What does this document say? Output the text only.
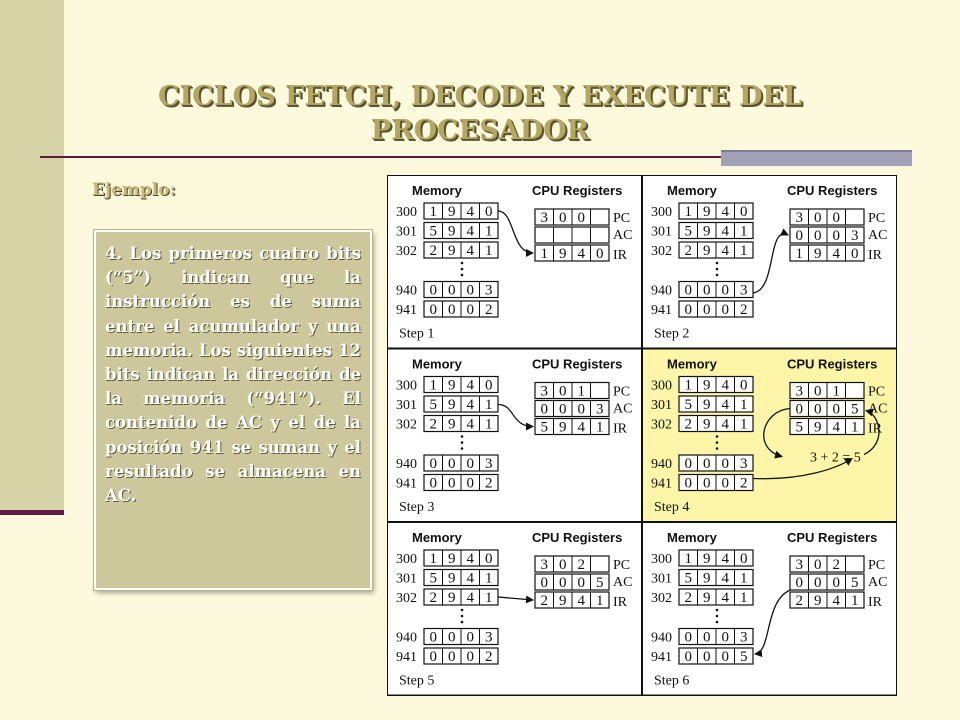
CICLOS FETCH, DECODE Y EXECUTE DEL PROCESADOR
Ejemplo:

4. Los primeros cuatro bits (“5”) indican que la instrucción es de suma entre el acumulador y una memoria. Los siguientes 12 bits indican la dirección de la memoria (“941”). El contenido de AC y el de la posición 941 se suman y el resultado se almacena en AC.

Memory	CPU Registers
300 1 9 4 0
301 5 9 4 1
302 2 9 4 1
940 0 0 0 3
941 0 0 0 2
3 0 0 PC
AC
1 9 4 0 IR
Step 1
Memory	CPU Registers
300 1 9 4 0
301 5 9 4 1
302 2 9 4 1
940 0 0 0 3
941 0 0 0 2
3 0 0 PC
0 0 0 3 AC
1 9 4 0 IR
Step 2
Memory	CPU Registers
300 1 9 4 0
301 5 9 4 1
302 2 9 4 1
940 0 0 0 3
941 0 0 0 2
3 0 1 PC
0 0 0 3 AC
5 9 4 1 IR
Step 3
Memory	CPU Registers
300 1 9 4 0
301 5 9 4 1
302 2 9 4 1
940 0 0 0 3
941 0 0 0 2
3 0 1 PC
0 0 0 5 AC
5 9 4 1 IR
Step 4
3 + 2 = 5
Memory	CPU Registers
300 1 9 4 0
301 5 9 4 1
302 2 9 4 1
940 0 0 0 3
941 0 0 0 2
3 0 2 PC
0 0 0 5 AC
2 9 4 1 IR
Step 5
Memory	CPU Registers
300 1 9 4 0
301 5 9 4 1
302 2 9 4 1
940 0 0 0 3
941 0 0 0 5
3 0 2 PC
0 0 0 5 AC
2 9 4 1 IR
Step 6
